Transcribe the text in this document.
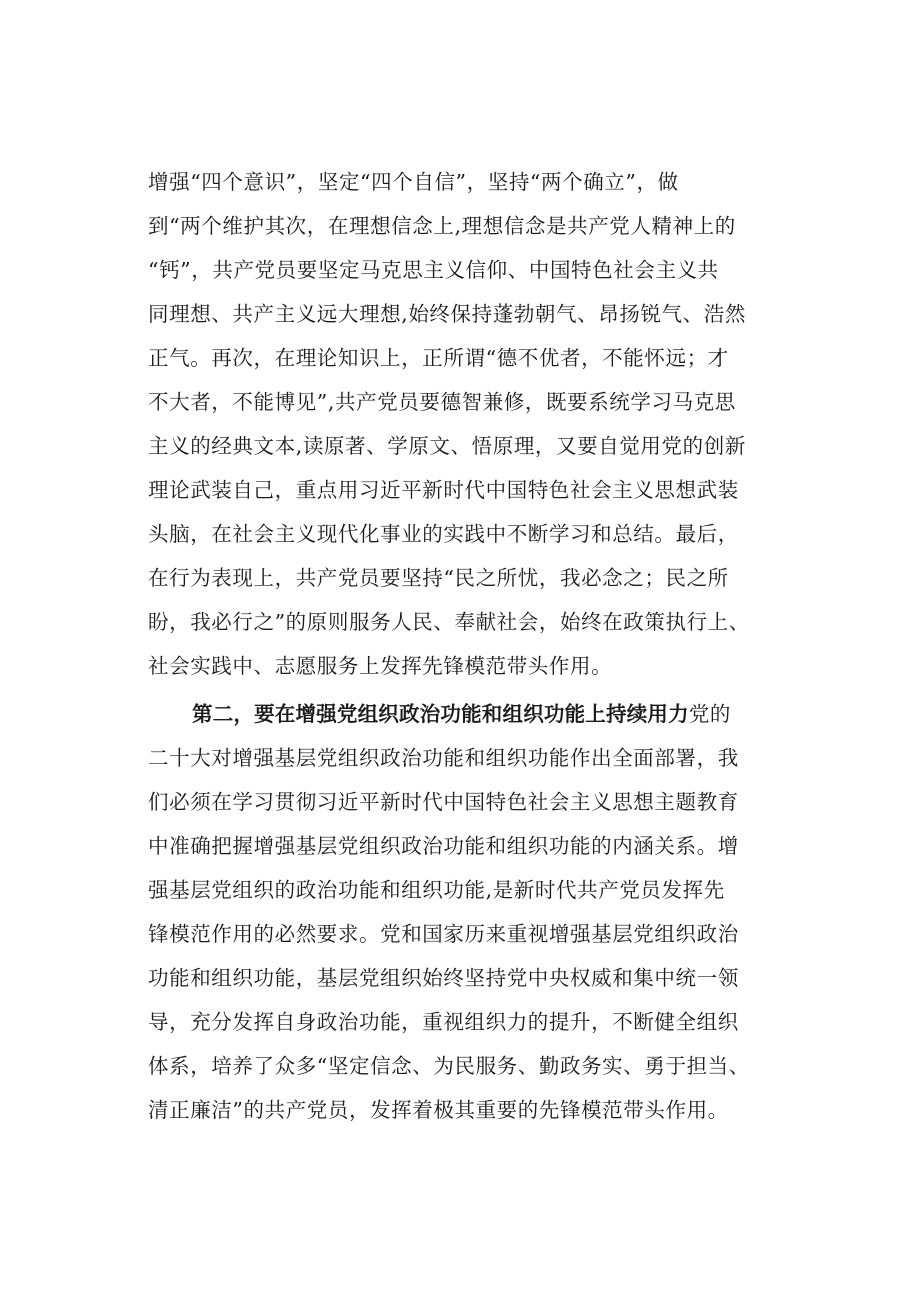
增强“四个意识”，坚定“四个自信”，坚持“两个确立”，做
到“两个维护其次，在理想信念上,理想信念是共产党人精神上的
“钙”，共产党员要坚定马克思主义信仰、中国特色社会主义共
同理想、共产主义远大理想,始终保持蓬勃朝气、昂扬锐气、浩然
正气。再次，在理论知识上，正所谓“德不优者，不能怀远；才
不大者，不能博见”,共产党员要德智兼修，既要系统学习马克思
主义的经典文本,读原著、学原文、悟原理，又要自觉用党的创新
理论武装自己，重点用习近平新时代中国特色社会主义思想武装
头脑，在社会主义现代化事业的实践中不断学习和总结。最后，
在行为表现上，共产党员要坚持“民之所忧，我必念之；民之所
盼，我必行之”的原则服务人民、奉献社会，始终在政策执行上、
社会实践中、志愿服务上发挥先锋模范带头作用。
第二，要在增强党组织政治功能和组织功能上持续用力党的
二十大对增强基层党组织政治功能和组织功能作出全面部署，我
们必须在学习贯彻习近平新时代中国特色社会主义思想主题教育
中准确把握增强基层党组织政治功能和组织功能的内涵关系。增
强基层党组织的政治功能和组织功能,是新时代共产党员发挥先
锋模范作用的必然要求。党和国家历来重视增强基层党组织政治
功能和组织功能，基层党组织始终坚持党中央权威和集中统一领
导，充分发挥自身政治功能，重视组织力的提升，不断健全组织
体系，培养了众多“坚定信念、为民服务、勤政务实、勇于担当、
清正廉洁”的共产党员，发挥着极其重要的先锋模范带头作用。
